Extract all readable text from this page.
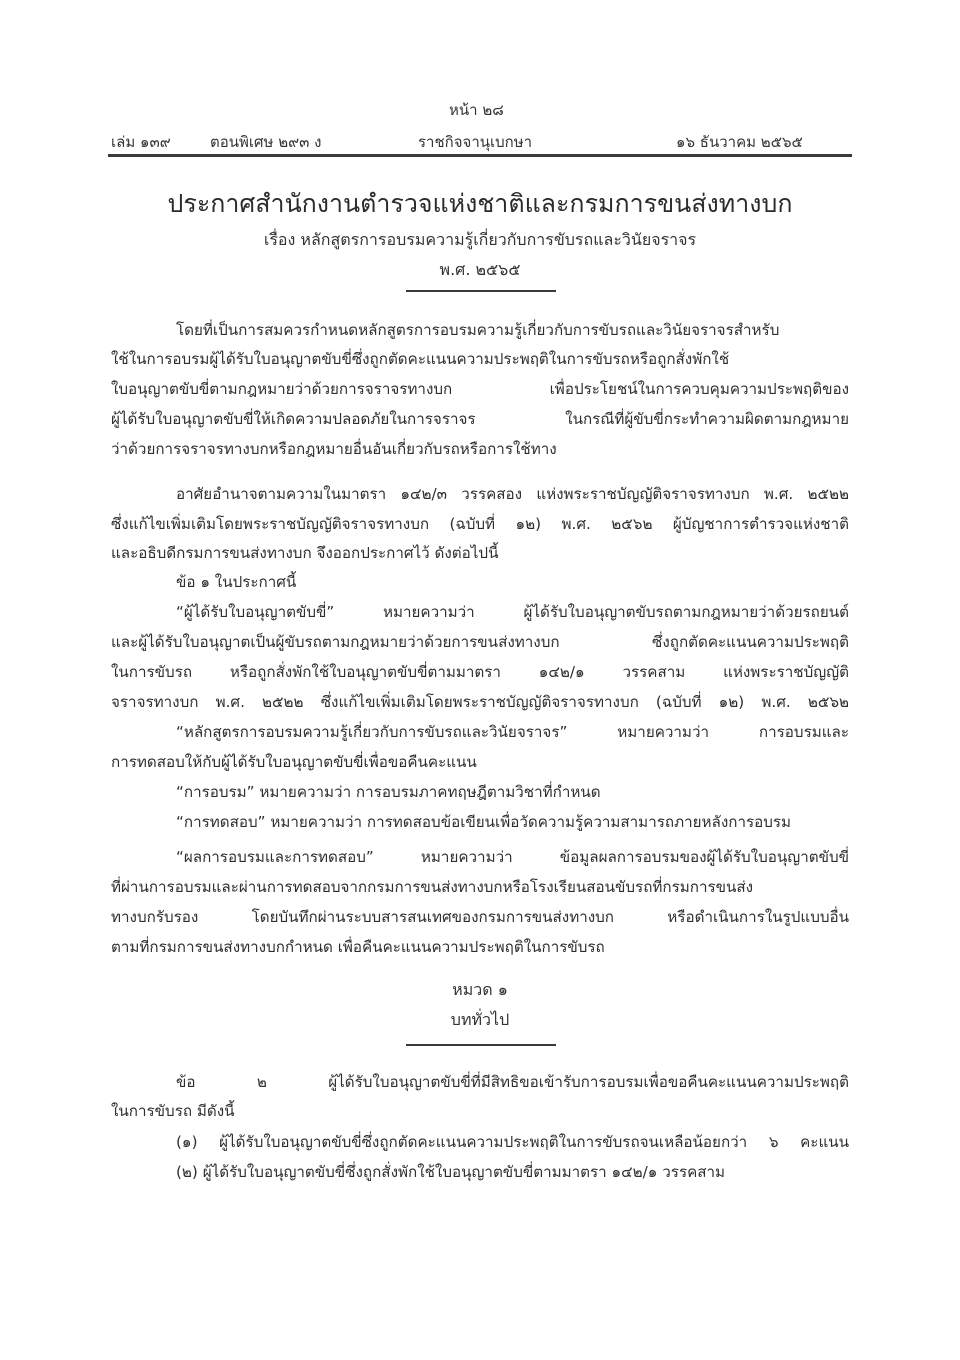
หน้า ๒๘
เล่ม ๑๓๙	ตอนพิเศษ ๒๙๓ ง	ราชกิจจานุเบกษา	๑๖ ธันวาคม ๒๕๖๕
ประกาศสำนักงานตำรวจแห่งชาติและกรมการขนส่งทางบก
เรื่อง หลักสูตรการอบรมความรู้เกี่ยวกับการขับรถและวินัยจราจร
พ.ศ. ๒๕๖๕
โดยที่เป็นการสมควรกำหนดหลักสูตรการอบรมความรู้เกี่ยวกับการขับรถและวินัยจราจรสำหรับ
ใช้ในการอบรมผู้ได้รับใบอนุญาตขับขี่ซึ่งถูกตัดคะแนนความประพฤติในการขับรถหรือถูกสั่งพักใช้
ใบอนุญาตขับขี่ตามกฎหมายว่าด้วยการจราจรทางบก เพื่อประโยชน์ในการควบคุมความประพฤติของ
ผู้ได้รับใบอนุญาตขับขี่ให้เกิดความปลอดภัยในการจราจร ในกรณีที่ผู้ขับขี่กระทำความผิดตามกฎหมาย
ว่าด้วยการจราจรทางบกหรือกฎหมายอื่นอันเกี่ยวกับรถหรือการใช้ทาง
อาศัยอำนาจตามความในมาตรา ๑๔๒/๓ วรรคสอง แห่งพระราชบัญญัติจราจรทางบก พ.ศ. ๒๕๒๒
ซึ่งแก้ไขเพิ่มเติมโดยพระราชบัญญัติจราจรทางบก (ฉบับที่ ๑๒) พ.ศ. ๒๕๖๒ ผู้บัญชาการตำรวจแห่งชาติ
และอธิบดีกรมการขนส่งทางบก จึงออกประกาศไว้ ดังต่อไปนี้
ข้อ ๑ ในประกาศนี้
“ผู้ได้รับใบอนุญาตขับขี่” หมายความว่า ผู้ได้รับใบอนุญาตขับรถตามกฎหมายว่าด้วยรถยนต์
และผู้ได้รับใบอนุญาตเป็นผู้ขับรถตามกฎหมายว่าด้วยการขนส่งทางบก ซึ่งถูกตัดคะแนนความประพฤติ
ในการขับรถ หรือถูกสั่งพักใช้ใบอนุญาตขับขี่ตามมาตรา ๑๔๒/๑ วรรคสาม แห่งพระราชบัญญัติ
จราจรทางบก พ.ศ. ๒๕๒๒ ซึ่งแก้ไขเพิ่มเติมโดยพระราชบัญญัติจราจรทางบก (ฉบับที่ ๑๒) พ.ศ. ๒๕๖๒
“หลักสูตรการอบรมความรู้เกี่ยวกับการขับรถและวินัยจราจร” หมายความว่า การอบรมและ
การทดสอบให้กับผู้ได้รับใบอนุญาตขับขี่เพื่อขอคืนคะแนน
“การอบรม” หมายความว่า การอบรมภาคทฤษฎีตามวิชาที่กำหนด
“การทดสอบ” หมายความว่า การทดสอบข้อเขียนเพื่อวัดความรู้ความสามารถภายหลังการอบรม
“ผลการอบรมและการทดสอบ” หมายความว่า ข้อมูลผลการอบรมของผู้ได้รับใบอนุญาตขับขี่
ที่ผ่านการอบรมและผ่านการทดสอบจากกรมการขนส่งทางบกหรือโรงเรียนสอนขับรถที่กรมการขนส่ง
ทางบกรับรอง โดยบันทึกผ่านระบบสารสนเทศของกรมการขนส่งทางบก หรือดำเนินการในรูปแบบอื่น
ตามที่กรมการขนส่งทางบกกำหนด เพื่อคืนคะแนนความประพฤติในการขับรถ
หมวด ๑
บททั่วไป
ข้อ ๒ ผู้ได้รับใบอนุญาตขับขี่ที่มีสิทธิขอเข้ารับการอบรมเพื่อขอคืนคะแนนความประพฤติ
ในการขับรถ มีดังนี้
(๑) ผู้ได้รับใบอนุญาตขับขี่ซึ่งถูกตัดคะแนนความประพฤติในการขับรถจนเหลือน้อยกว่า ๖ คะแนน
(๒) ผู้ได้รับใบอนุญาตขับขี่ซึ่งถูกสั่งพักใช้ใบอนุญาตขับขี่ตามมาตรา ๑๔๒/๑ วรรคสาม
